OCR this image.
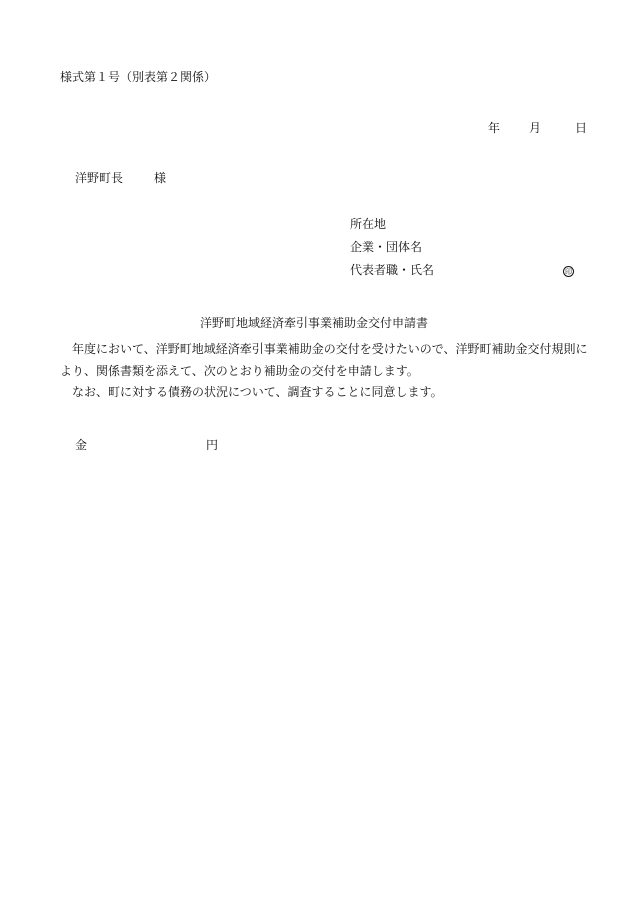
様式第１号（別表第２関係）
年 月	日
洋野町長	様
所在地
企業・団体名
代表者職・氏名	印
洋野町地域経済牽引事業補助金交付申請書

年度において、洋野町地域経済牽引事業補助金の交付を受けたいので、洋野町補助金交付規則により、関係書類を添えて、次のとおり補助金の交付を申請します。

なお、町に対する債務の状況について、調査することに同意します。

金	円
